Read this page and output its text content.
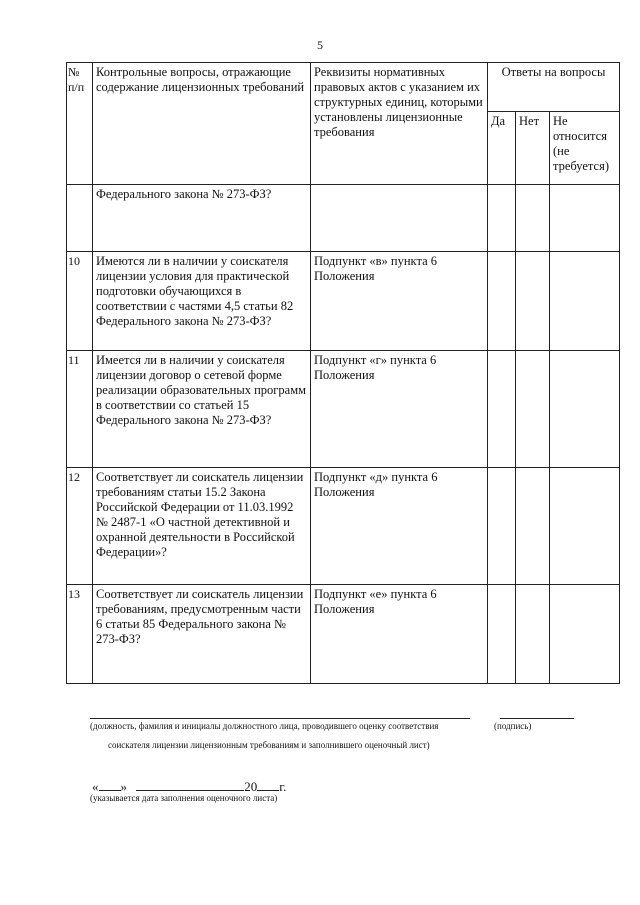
5
№ п/п	Контрольные вопросы, отражающие содержание лицензионных требований	Реквизиты нормативных правовых актов с указанием их структурных единиц, которыми установлены лицензионные требования	Ответы на вопросы		
			Да	Нет	Не относится (не требуется)
	Федерального закона № 273-ФЗ?				
10	Имеются ли в наличии у соискателя лицензии условия для практической подготовки обучающихся в соответствии с частями 4,5 статьи 82 Федерального закона № 273-ФЗ?	Подпункт «в» пункта 6 Положения			
11	Имеется ли в наличии у соискателя лицензии договор о сетевой форме реализации образовательных программ в соответствии со статьей 15 Федерального закона № 273-ФЗ?	Подпункт «г» пункта 6 Положения			
12	Соответствует ли соискатель лицензии требованиям статьи 15.2 Закона Российской Федерации от 11.03.1992 № 2487-1 «О частной детективной и охранной деятельности в Российской Федерации»?	Подпункт «д» пункта 6 Положения			
13	Соответствует ли соискатель лицензии требованиям, предусмотренным части 6 статьи 85 Федерального закона № 273-ФЗ?	Подпункт «е» пункта 6 Положения			
(должность, фамилия и инициалы должностного лица, проводившего оценку соответствия	(подпись)
соискателя лицензии лицензионным требованиям и заполнившего оценочный лист)
« »	20 г.
(указывается дата заполнения оценочного листа)
